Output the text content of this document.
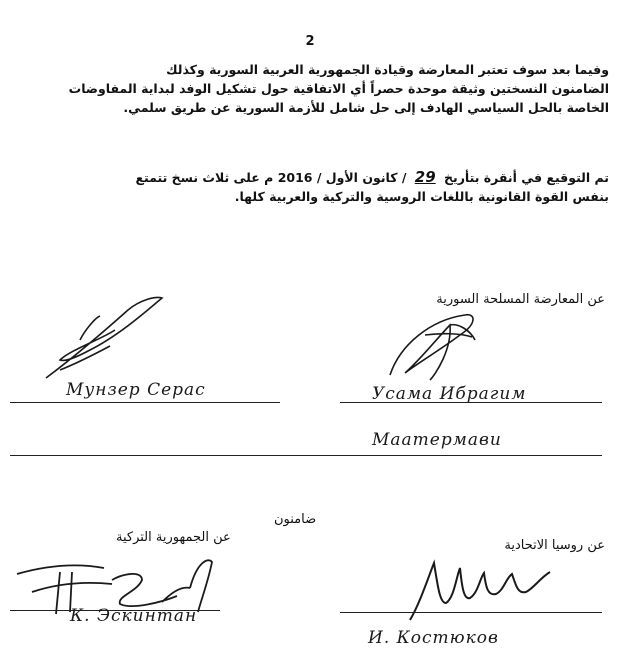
2
وفيما بعد سوف تعتبر المعارضة وقيادة الجمهورية العربية السورية وكذلك
الضامنون النسختين وثيقة موحدة حصراً أي الاتفاقية حول تشكيل الوفد لبداية المفاوضات
الخاصة بالحل السياسي الهادف إلى حل شامل للأزمة السورية عن طريق سلمي.
تم التوقيع في أنقرة بتأريخ 29 / كانون الأول / 2016 م على ثلاث نسخ تتمتع
بنفس القوة القانونية باللغات الروسية والتركية والعربية كلها.
عن المعارضة المسلحة السورية
Мунзер Серас	Усама Ибрагим
Маатермави
ضامنون
عن الجمهورية التركية
عن روسيا الاتحادية
К. Эскинтан
И. Костюков
